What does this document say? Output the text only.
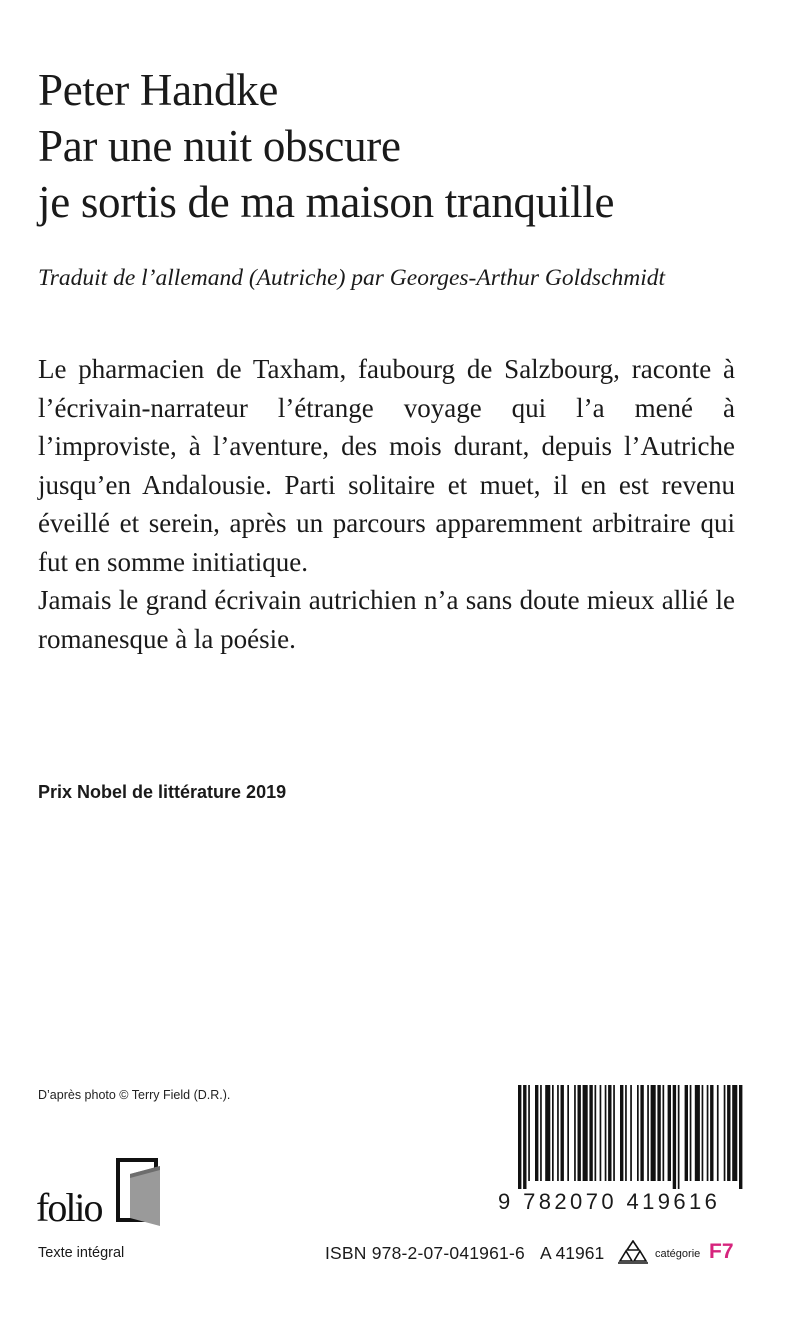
Peter Handke
Par une nuit obscure
je sortis de ma maison tranquille
Traduit de l’allemand (Autriche) par Georges-Arthur Goldschmidt

Le pharmacien de Taxham, faubourg de Salzbourg, raconte à l’écrivain-narrateur l’étrange voyage qui l’a mené à l’improviste, à l’aventure, des mois durant, depuis l’Autriche jusqu’en Andalousie. Parti solitaire et muet, il en est revenu éveillé et serein, après un parcours apparemment arbitraire qui fut en somme initiatique.

Jamais le grand écrivain autrichien n’a sans doute mieux allié le romanesque à la poésie.

Prix Nobel de littérature 2019
D’après photo © Terry Field (D.R.).
folio
Texte intégral
9 782070 419616
ISBN 978-2-07-041961-6 A 41961	catégorie F7
